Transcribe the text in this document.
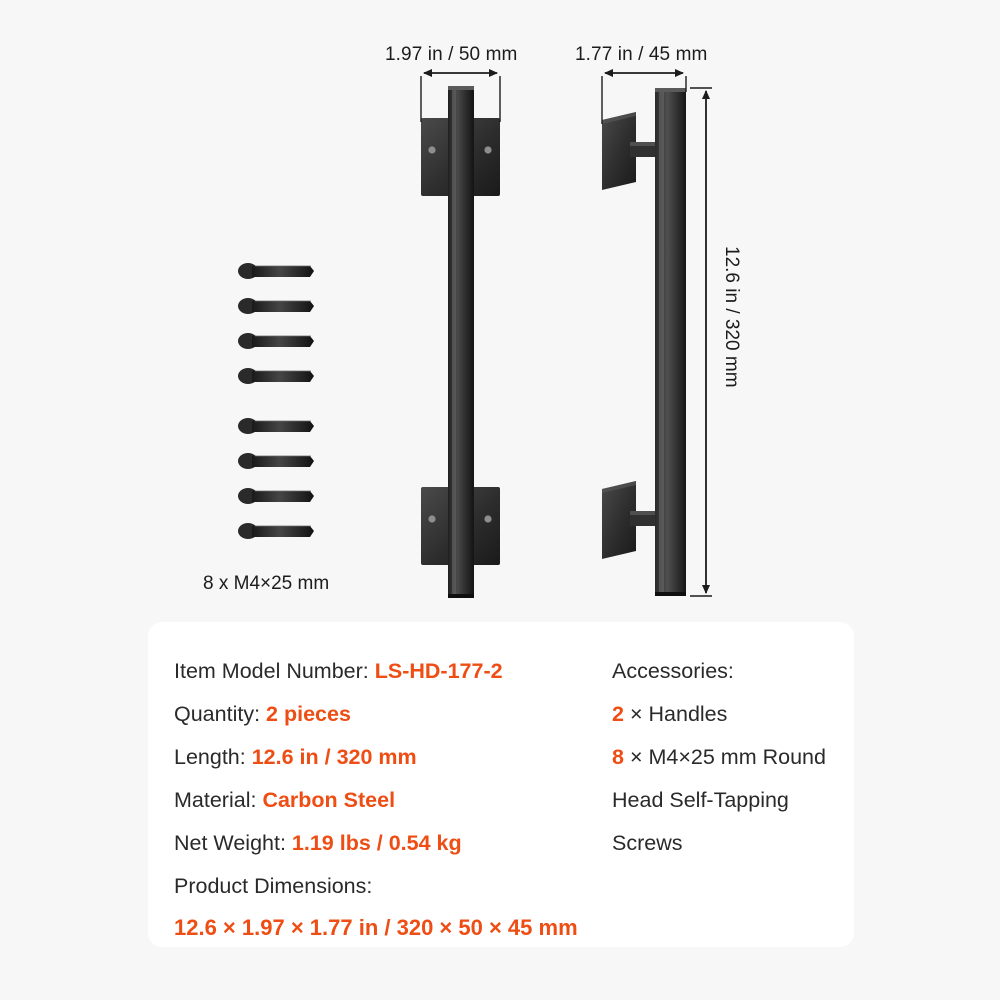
1.97 in / 50 mm	1.77 in / 45 mm
12.6 in / 320 mm
8 x M4×25 mm
Item Model Number: LS-HD-177-2
Quantity: 2 pieces
Length: 12.6 in / 320 mm
Material: Carbon Steel
Net Weight: 1.19 lbs / 0.54 kg
Product Dimensions:
12.6 × 1.97 × 1.77 in / 320 × 50 × 45 mm
Accessories:
2 × Handles
8 × M4×25 mm Round
Head Self-Tapping
Screws
